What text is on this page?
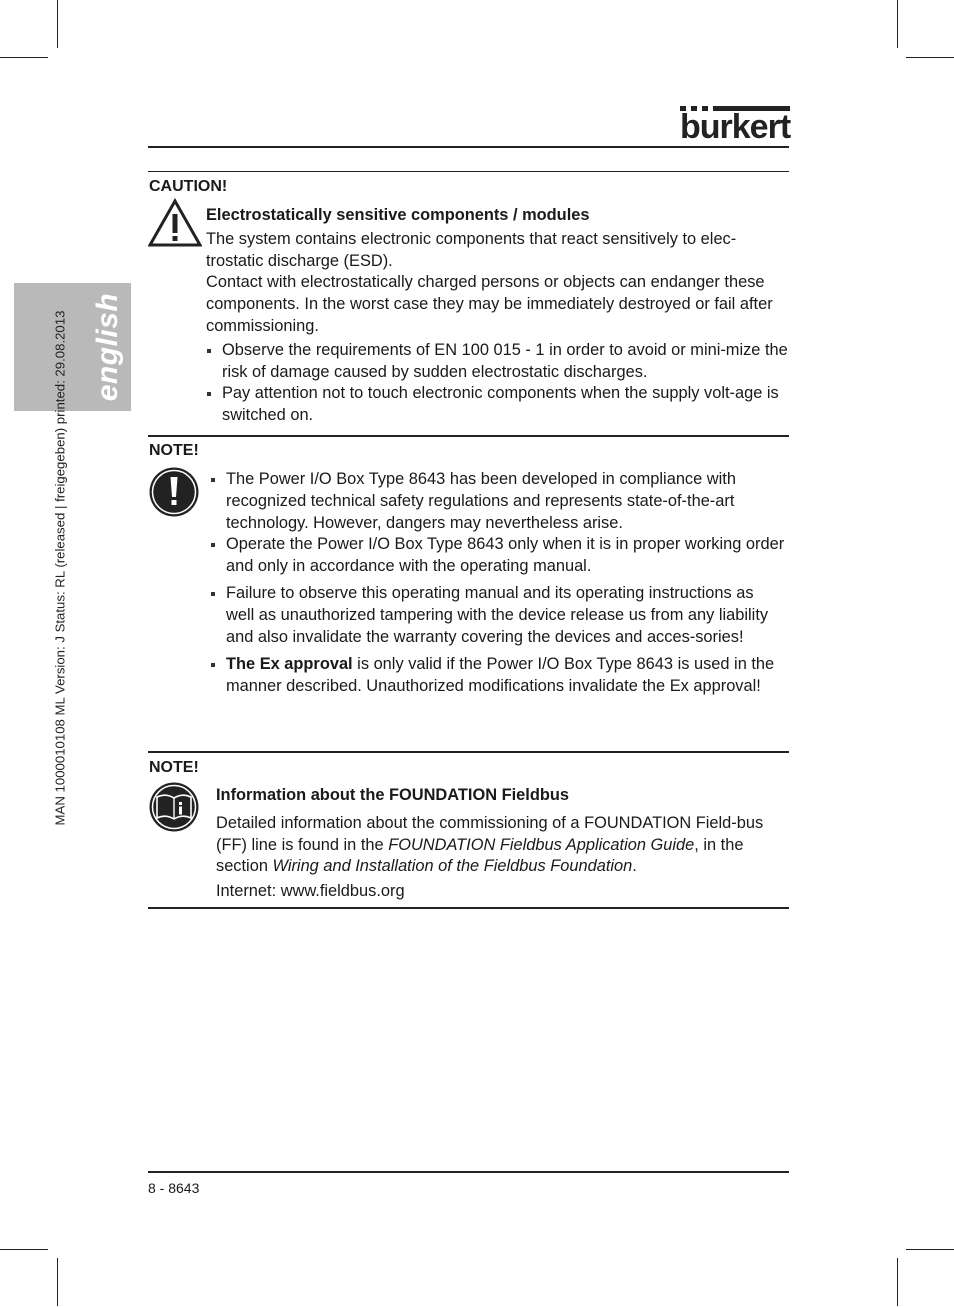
burkert
english
MAN 1000010108 ML Version: J Status: RL (released | freigegeben) printed: 29.08.2013
CAUTION!

Electrostatically sensitive components / modules

The system contains electronic components that react sensitively to elec-trostatic discharge (ESD).

Contact with electrostatically charged persons or objects can endanger these components. In the worst case they may be immediately destroyed or fail after commissioning.

Observe the requirements of EN 100 015 - 1 in order to avoid or mini-mize the risk of damage caused by sudden electrostatic discharges.
Pay attention not to touch electronic components when the supply volt-age is switched on.
NOTE!
The Power I/O Box Type 8643 has been developed in compliance with recognized technical safety regulations and represents state-of-the-art technology. However, dangers may nevertheless arise.
Operate the Power I/O Box Type 8643 only when it is in proper working order and only in accordance with the operating manual.
Failure to observe this operating manual and its operating instructions as well as unauthorized tampering with the device release us from any liability and also invalidate the warranty covering the devices and acces-sories!
The Ex approval is only valid if the Power I/O Box Type 8643 is used in the manner described. Unauthorized modifications invalidate the Ex approval!
NOTE!

Information about the FOUNDATION Fieldbus

Detailed information about the commissioning of a FOUNDATION Field-bus (FF) line is found in the FOUNDATION Fieldbus Application Guide, in the section Wiring and Installation of the Fieldbus Foundation.

Internet: www.fieldbus.org

8 - 8643
